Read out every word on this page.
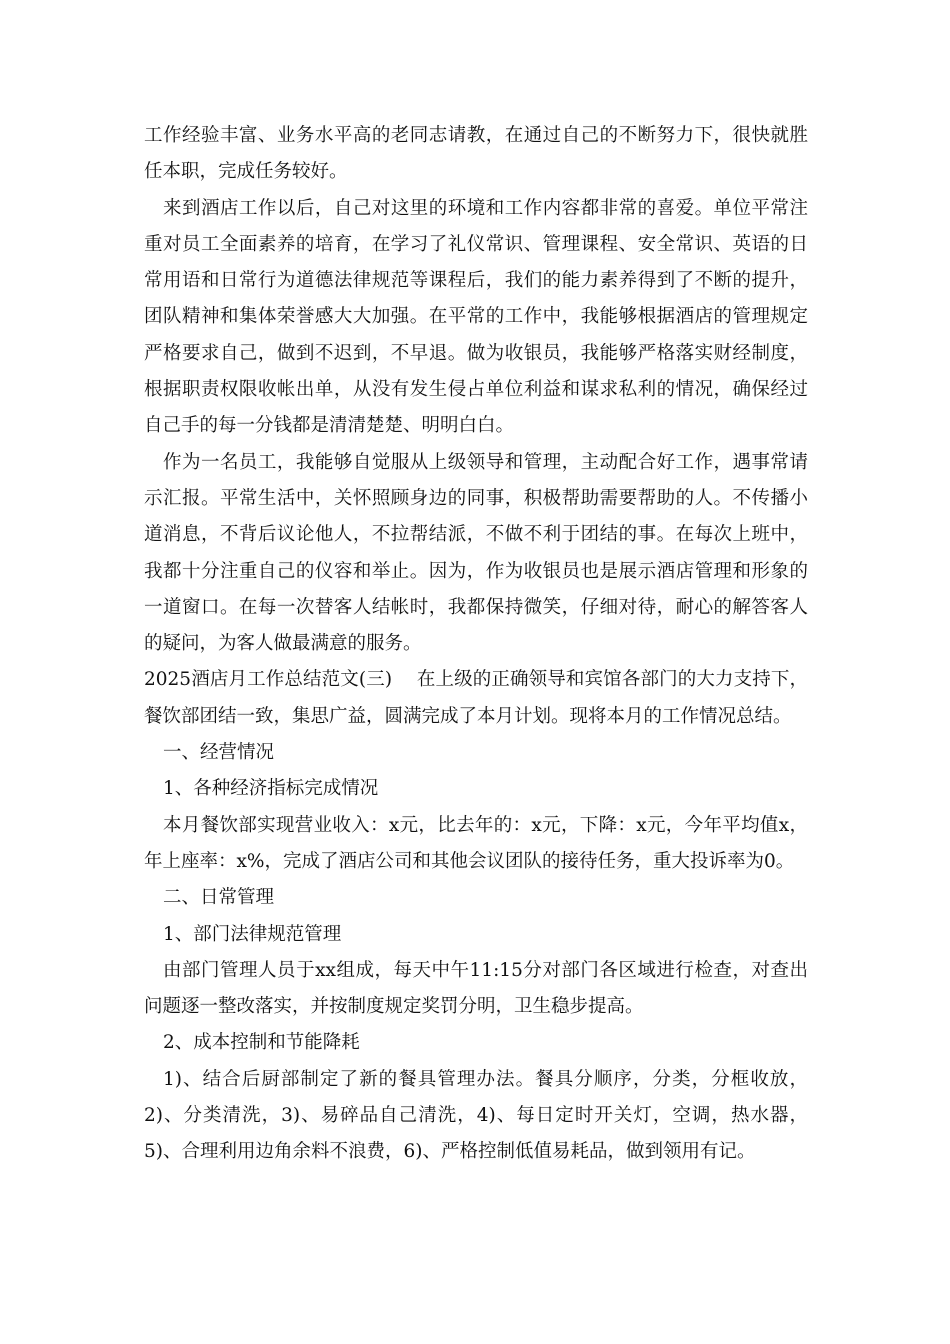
工作经验丰富、业务水平高的老同志请教，在通过自己的不断努力下，很快就胜任本职，完成任务较好。

来到酒店工作以后，自己对这里的环境和工作内容都非常的喜爱。单位平常注重对员工全面素养的培育，在学习了礼仪常识、管理课程、安全常识、英语的日常用语和日常行为道德法律规范等课程后，我们的能力素养得到了不断的提升，团队精神和集体荣誉感大大加强。在平常的工作中，我能够根据酒店的管理规定严格要求自己，做到不迟到，不早退。做为收银员，我能够严格落实财经制度，根据职责权限收帐出单，从没有发生侵占单位利益和谋求私利的情况，确保经过自己手的每一分钱都是清清楚楚、明明白白。

作为一名员工，我能够自觉服从上级领导和管理，主动配合好工作，遇事常请示汇报。平常生活中，关怀照顾身边的同事，积极帮助需要帮助的人。不传播小道消息，不背后议论他人，不拉帮结派，不做不利于团结的事。在每次上班中，我都十分注重自己的仪容和举止。因为，作为收银员也是展示酒店管理和形象的一道窗口。在每一次替客人结帐时，我都保持微笑，仔细对待，耐心的解答客人的疑问，为客人做最满意的服务。

2025酒店月工作总结范文(三)　 在上级的正确领导和宾馆各部门的大力支持下，餐饮部团结一致，集思广益，圆满完成了本月计划。现将本月的工作情况总结。

一、经营情况

1、各种经济指标完成情况

本月餐饮部实现营业收入：x元，比去年的：x元，下降：x元，今年平均值x，年上座率：x%，完成了酒店公司和其他会议团队的接待任务，重大投诉率为0。

二、日常管理

1、部门法律规范管理

由部门管理人员于xx组成，每天中午11:15分对部门各区域进行检查，对查出问题逐一整改落实，并按制度规定奖罚分明，卫生稳步提高。

2、成本控制和节能降耗

1)、结合后厨部制定了新的餐具管理办法。餐具分顺序，分类，分框收放，2)、分类清洗，3)、易碎品自己清洗，4)、每日定时开关灯，空调，热水器，5)、合理利用边角余料不浪费，6)、严格控制低值易耗品，做到领用有记。
